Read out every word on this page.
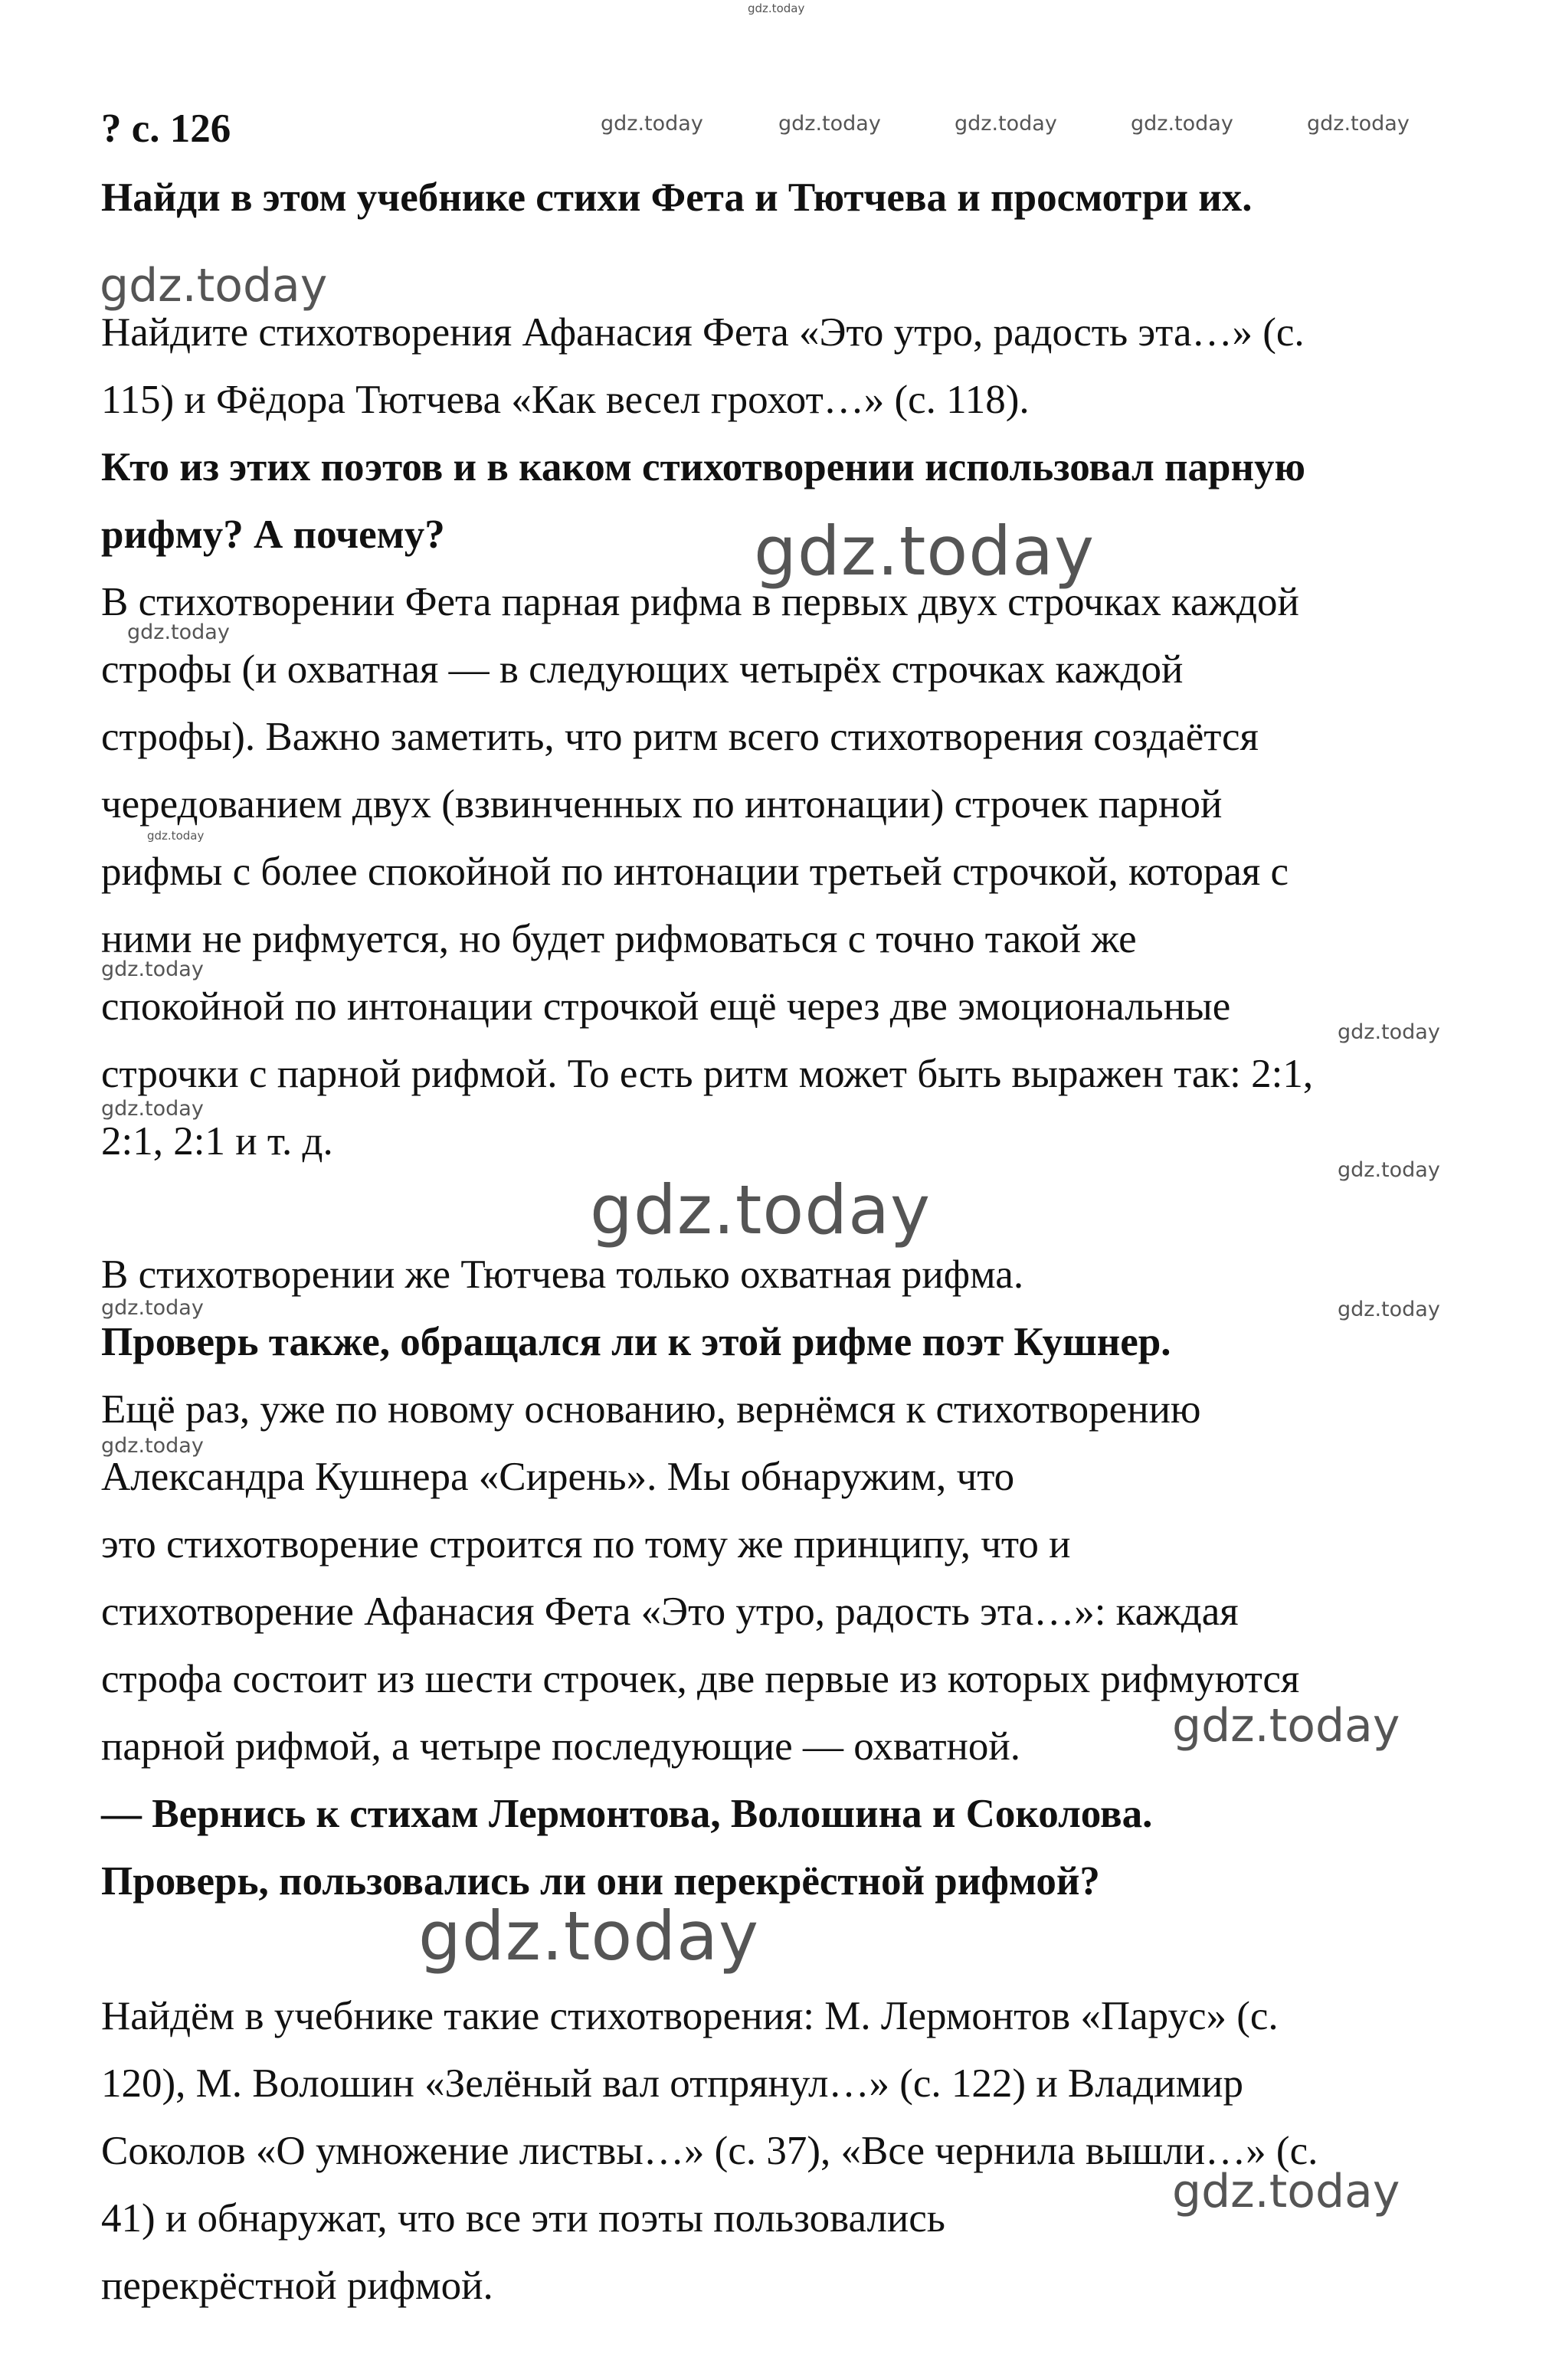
? с. 126

Найди в этом учебнике стихи Фета и Тютчева и просмотри их.

Найдите стихотворения Афанасия Фета «Это утро, радость эта…» (с.

115) и Фёдора Тютчева «Как весел грохот…» (с. 118).

Кто из этих поэтов и в каком стихотворении использовал парную

рифму? А почему?

В стихотворении Фета парная рифма в первых двух строчках каждой

строфы (и охватная — в следующих четырёх строчках каждой

строфы). Важно заметить, что ритм всего стихотворения создаётся

чередованием двух (взвинченных по интонации) строчек парной

рифмы с более спокойной по интонации третьей строчкой, которая с

ними не рифмуется, но будет рифмоваться с точно такой же

спокойной по интонации строчкой ещё через две эмоциональные

строчки с парной рифмой. То есть ритм может быть выражен так: 2:1,

2:1, 2:1 и т. д.

В стихотворении же Тютчева только охватная рифма.

Проверь также, обращался ли к этой рифме поэт Кушнер.

Ещё раз, уже по новому основанию, вернёмся к стихотворению

Александра Кушнера «Сирень». Мы обнаружим, что

это стихотворение строится по тому же принципу, что и

стихотворение Афанасия Фета «Это утро, радость эта…»: каждая

строфа состоит из шести строчек, две первые из которых рифмуются

парной рифмой, а четыре последующие — охватной.

— Вернись к стихам Лермонтова, Волошина и Соколова.

Проверь, пользовались ли они перекрёстной рифмой?

Найдём в учебнике такие стихотворения: М. Лермонтов «Парус» (с.

120), М. Волошин «Зелёный вал отпрянул…» (с. 122) и Владимир

Соколов «О умножение листвы…» (с. 37), «Все чернила вышли…» (с.

41) и обнаружат, что все эти поэты пользовались

перекрёстной рифмой.

gdz.today

gdz.today	gdz.today	gdz.today	gdz.today	gdz.today

gdz.today

gdz.today

gdz.today

gdz.today

gdz.today

gdz.today

gdz.today

gdz.today

gdz.today

gdz.today	gdz.today

gdz.today

gdz.today

gdz.today

gdz.today
